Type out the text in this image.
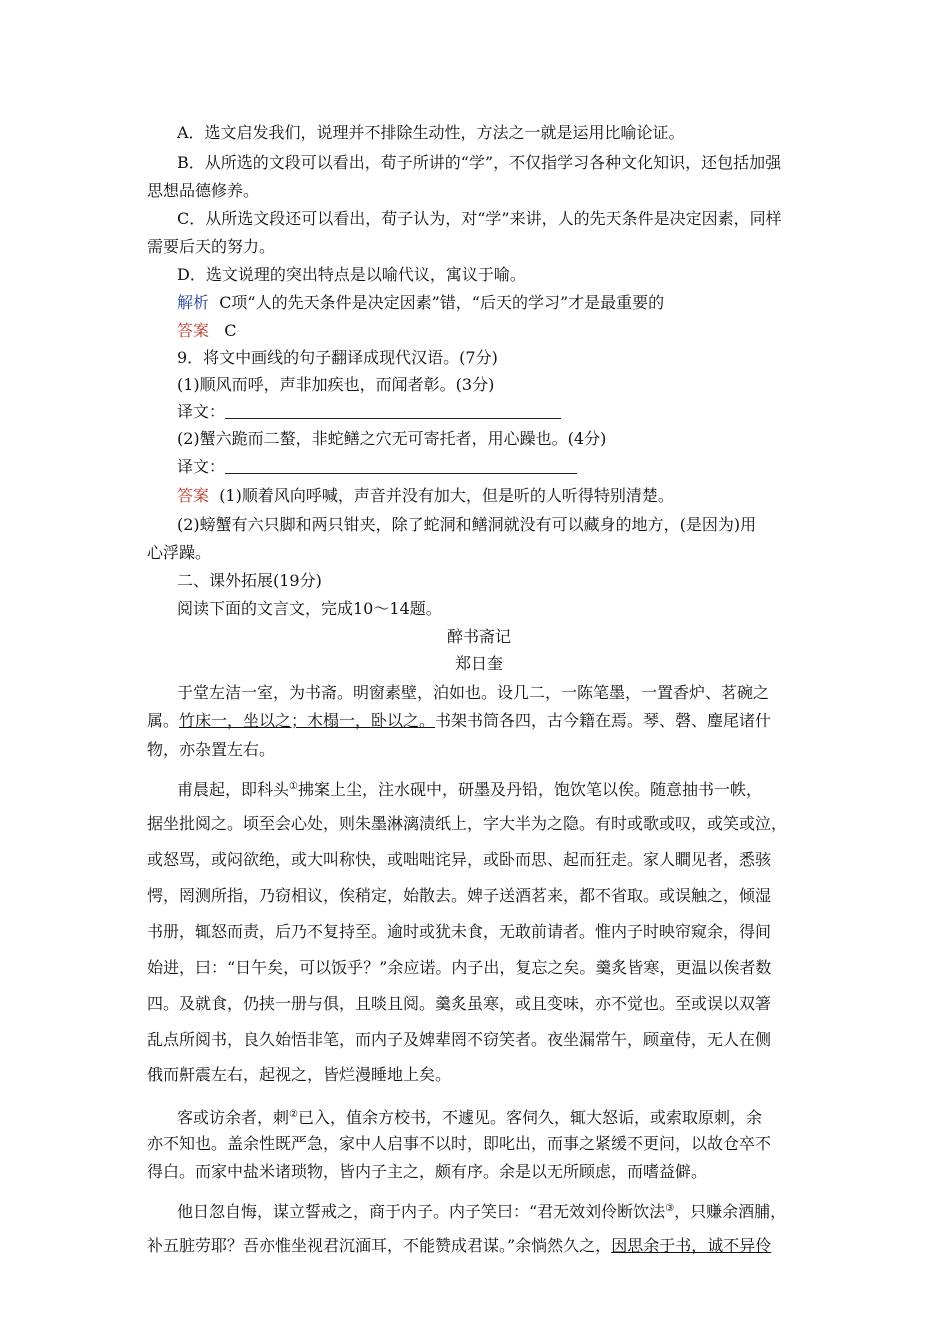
A．选文启发我们，说理并不排除生动性，方法之一就是运用比喻论证。
B．从所选的文段可以看出，荀子所讲的“学”，不仅指学习各种文化知识，还包括加强
思想品德修养。
C．从所选文段还可以看出，荀子认为，对“学”来讲，人的先天条件是决定因素，同样
需要后天的努力。
D．选文说理的突出特点是以喻代议，寓议于喻。
解析 C项“人的先天条件是决定因素”错，“后天的学习”才是最重要的
答案 C
9．将文中画线的句子翻译成现代汉语。(7分)
(1)顺风而呼，声非加疾也，而闻者彰。(3分)
译文：
(2)蟹六跪而二螯，非蛇鳝之穴无可寄托者，用心躁也。(4分)
译文：
答案 (1)顺着风向呼喊，声音并没有加大，但是听的人听得特别清楚。
(2)螃蟹有六只脚和两只钳夹，除了蛇洞和鳝洞就没有可以藏身的地方，(是因为)用
心浮躁。
二、课外拓展(19分)
阅读下面的文言文，完成10～14题。
醉书斋记
郑日奎
于堂左洁一室，为书斋。明窗素壁，泊如也。设几二，一陈笔墨，一置香炉、茗碗之
属。竹床一，坐以之；木榻一，卧以之。书架书筒各四，古今籍在焉。琴、磬、麈尾诸什
物，亦杂置左右。
甫晨起，即科头①拂案上尘，注水砚中，研墨及丹铅，饱饮笔以俟。随意抽书一帙，
据坐批阅之。顷至会心处，则朱墨淋漓渍纸上，字大半为之隐。有时或歌或叹，或笑或泣，
或怒骂，或闷欲绝，或大叫称快，或咄咄诧异，或卧而思、起而狂走。家人瞷见者，悉骇
愕，罔测所指，乃窃相议，俟稍定，始散去。婢子送酒茗来，都不省取。或误触之，倾湿
书册，辄怒而责，后乃不复持至。逾时或犹未食，无敢前请者。惟内子时映帘窥余，得间
始进，曰：“日午矣，可以饭乎？”余应诺。内子出，复忘之矣。羹炙皆寒，更温以俟者数
四。及就食，仍挟一册与俱，且啖且阅。羹炙虽寒，或且变味，亦不觉也。至或误以双箸
乱点所阅书，良久始悟非笔，而内子及婢辈罔不窃笑者。夜坐漏常午，顾童侍，无人在侧
俄而鼾震左右，起视之，皆烂漫睡地上矣。
客或访余者，刺②已入，值余方校书，不遽见。客伺久，辄大怒诟，或索取原刺，余
亦不知也。盖余性既严急，家中人启事不以时，即叱出，而事之紧缓不更问，以故仓卒不
得白。而家中盐米诸琐物，皆内子主之，颇有序。余是以无所顾虑，而嗜益僻。
他日忽自悔，谋立誓戒之，商于内子。内子笑曰：“君无效刘伶断饮法③，只赚余酒脯，
补五脏劳耶？吾亦惟坐视君沉湎耳，不能赞成君谋。”余惝然久之，因思余于书，诚不异伶
